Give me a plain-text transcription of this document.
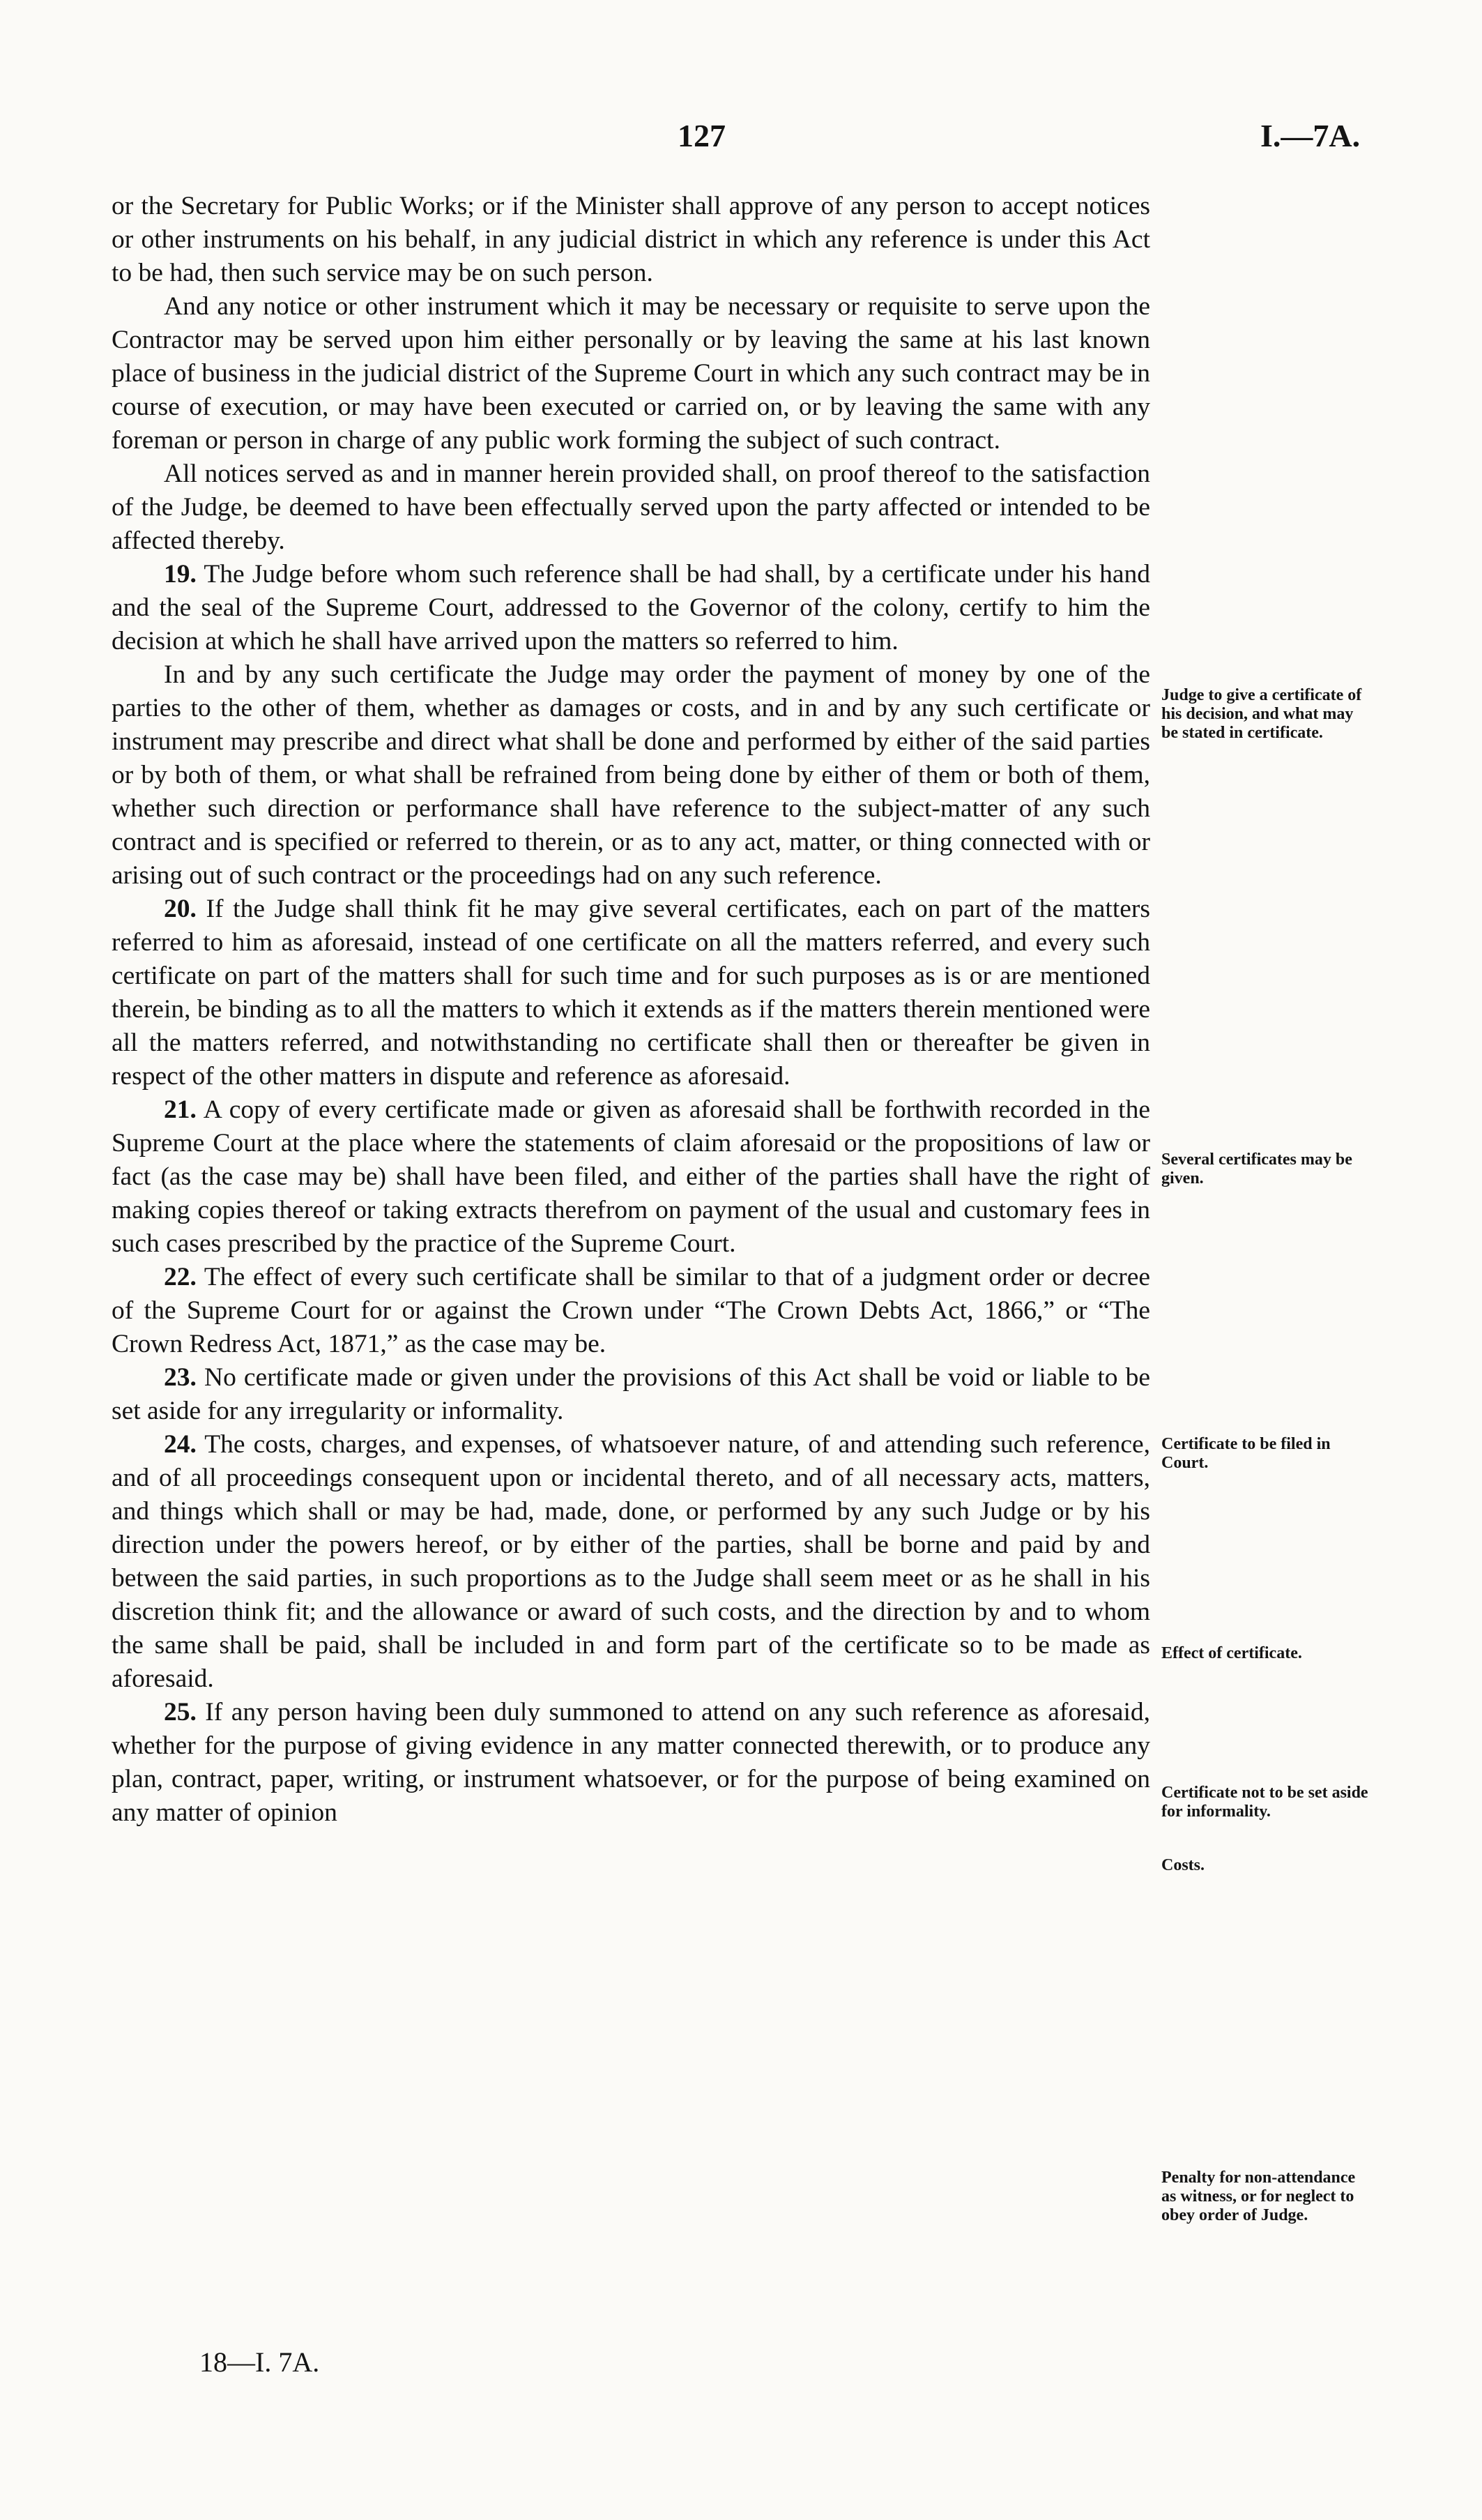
127	I.—7A.

or the Secretary for Public Works; or if the Minister shall approve of any person to accept notices or other instruments on his behalf, in any judicial district in which any reference is under this Act to be had, then such service may be on such person.

And any notice or other instrument which it may be necessary or requisite to serve upon the Contractor may be served upon him either personally or by leaving the same at his last known place of business in the judicial district of the Supreme Court in which any such contract may be in course of execution, or may have been executed or carried on, or by leaving the same with any foreman or person in charge of any public work forming the subject of such contract.

All notices served as and in manner herein provided shall, on proof thereof to the satisfaction of the Judge, be deemed to have been effectually served upon the party affected or intended to be affected thereby.

19. The Judge before whom such reference shall be had shall, by a certificate under his hand and the seal of the Supreme Court, addressed to the Governor of the colony, certify to him the decision at which he shall have arrived upon the matters so referred to him.

In and by any such certificate the Judge may order the payment of money by one of the parties to the other of them, whether as damages or costs, and in and by any such certificate or instrument may prescribe and direct what shall be done and performed by either of the said parties or by both of them, or what shall be refrained from being done by either of them or both of them, whether such direction or performance shall have reference to the subject-matter of any such contract and is specified or referred to therein, or as to any act, matter, or thing connected with or arising out of such contract or the proceedings had on any such reference.

20. If the Judge shall think fit he may give several certificates, each on part of the matters referred to him as aforesaid, instead of one certificate on all the matters referred, and every such certificate on part of the matters shall for such time and for such purposes as is or are mentioned therein, be binding as to all the matters to which it extends as if the matters therein mentioned were all the matters referred, and notwithstanding no certificate shall then or thereafter be given in respect of the other matters in dispute and reference as aforesaid.

21. A copy of every certificate made or given as aforesaid shall be forthwith recorded in the Supreme Court at the place where the statements of claim aforesaid or the propositions of law or fact (as the case may be) shall have been filed, and either of the parties shall have the right of making copies thereof or taking extracts therefrom on payment of the usual and customary fees in such cases prescribed by the practice of the Supreme Court.

22. The effect of every such certificate shall be similar to that of a judgment order or decree of the Supreme Court for or against the Crown under “The Crown Debts Act, 1866,” or “The Crown Redress Act, 1871,” as the case may be.

23. No certificate made or given under the provisions of this Act shall be void or liable to be set aside for any irregularity or informality.

24. The costs, charges, and expenses, of whatsoever nature, of and attending such reference, and of all proceedings consequent upon or incidental thereto, and of all necessary acts, matters, and things which shall or may be had, made, done, or performed by any such Judge or by his direction under the powers hereof, or by either of the parties, shall be borne and paid by and between the said parties, in such proportions as to the Judge shall seem meet or as he shall in his discretion think fit; and the allowance or award of such costs, and the direction by and to whom the same shall be paid, shall be included in and form part of the certificate so to be made as aforesaid.

25. If any person having been duly summoned to attend on any such reference as aforesaid, whether for the purpose of giving evidence in any matter connected therewith, or to produce any plan, contract, paper, writing, or instrument whatsoever, or for the purpose of being examined on any matter of opinion

Judge to give a certificate of his decision, and what may be stated in certificate.
Several certificates may be given.
Certificate to be filed in Court.
Effect of certificate.
Certificate not to be set aside for informality.
Costs.
Penalty for non-attendance as witness, or for neglect to obey order of Judge.
18—I. 7A.
